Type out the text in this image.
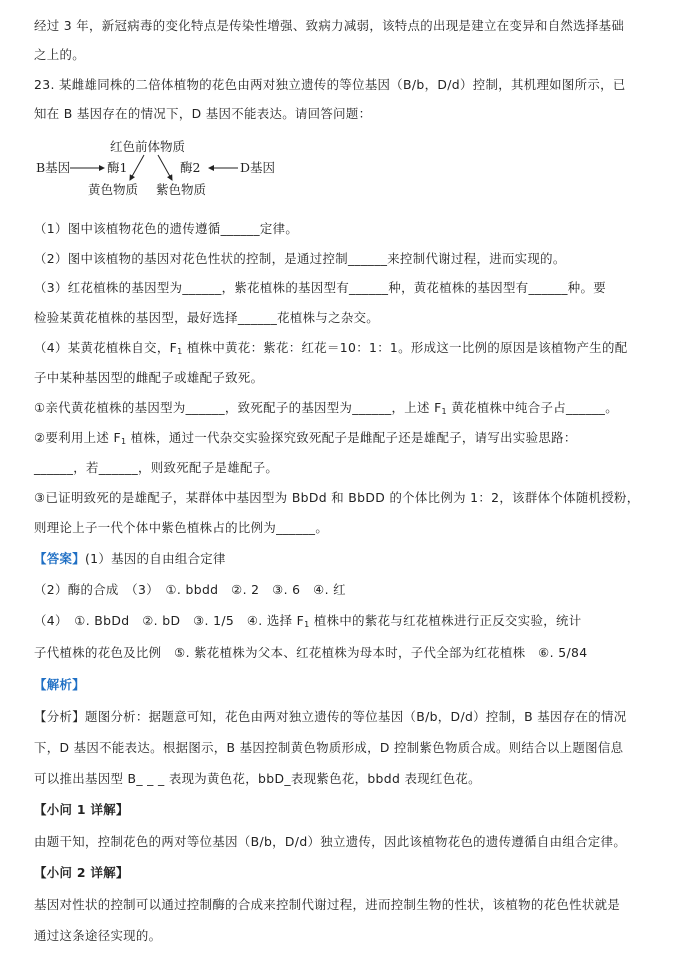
经过 3 年，新冠病毒的变化特点是传染性增强、致病力减弱，该特点的出现是建立在变异和自然选择基础
之上的。
23. 某雌雄同株的二倍体植物的花色由两对独立遗传的等位基因（B/b，D/d）控制，其机理如图所示，已
知在 B 基因存在的情况下，D 基因不能表达。请回答问题：
红色前体物质
B基因	酶1	酶2	D基因
黄色物质 紫色物质
（1）图中该植物花色的遗传遵循______定律。
（2）图中该植物的基因对花色性状的控制，是通过控制______来控制代谢过程，进而实现的。
（3）红花植株的基因型为______，紫花植株的基因型有______种，黄花植株的基因型有______种。要
检验某黄花植株的基因型，最好选择______花植株与之杂交。
（4）某黄花植株自交，$F_1$ 植株中黄花：紫花：红花＝10：1：1。形成这一比例的原因是该植物产生的配
子中某种基因型的雌配子或雄配子致死。
①亲代黄花植株的基因型为______，致死配子的基因型为______，上述 $F_1$ 黄花植株中纯合子占______。
②要利用上述 $F_1$ 植株，通过一代杂交实验探究致死配子是雌配子还是雄配子，请写出实验思路：
______，若______，则致死配子是雄配子。
③已证明致死的是雄配子，某群体中基因型为 BbDd 和 BbDD 的个体比例为 1：2，该群体个体随机授粉，
则理论上子一代个体中紫色植株占的比例为______。
【答案】(1）基因的自由组合定律
（2）酶的合成　（3）　①. bbdd　②. 2　③. 6　④. 红
（4）　①. BbDd　②. bD　③. 1/5　④. 选择 $F_1$ 植株中的紫花与红花植株进行正反交实验，统计
子代植株的花色及比例　⑤. 紫花植株为父本、红花植株为母本时，子代全部为红花植株　⑥. 5/84
【解析】
【分析】题图分析：据题意可知，花色由两对独立遗传的等位基因（B/b，D/d）控制，B 基因存在的情况
下，D 基因不能表达。根据图示，B 基因控制黄色物质形成，D 控制紫色物质合成。则结合以上题图信息
可以推出基因型 B_ _ _ 表现为黄色花，bbD_表现紫色花，bbdd 表现红色花。
【小问 1 详解】
由题干知，控制花色的两对等位基因（B/b，D/d）独立遗传，因此该植物花色的遗传遵循自由组合定律。
【小问 2 详解】
基因对性状的控制可以通过控制酶的合成来控制代谢过程，进而控制生物的性状，该植物的花色性状就是
通过这条途径实现的。
